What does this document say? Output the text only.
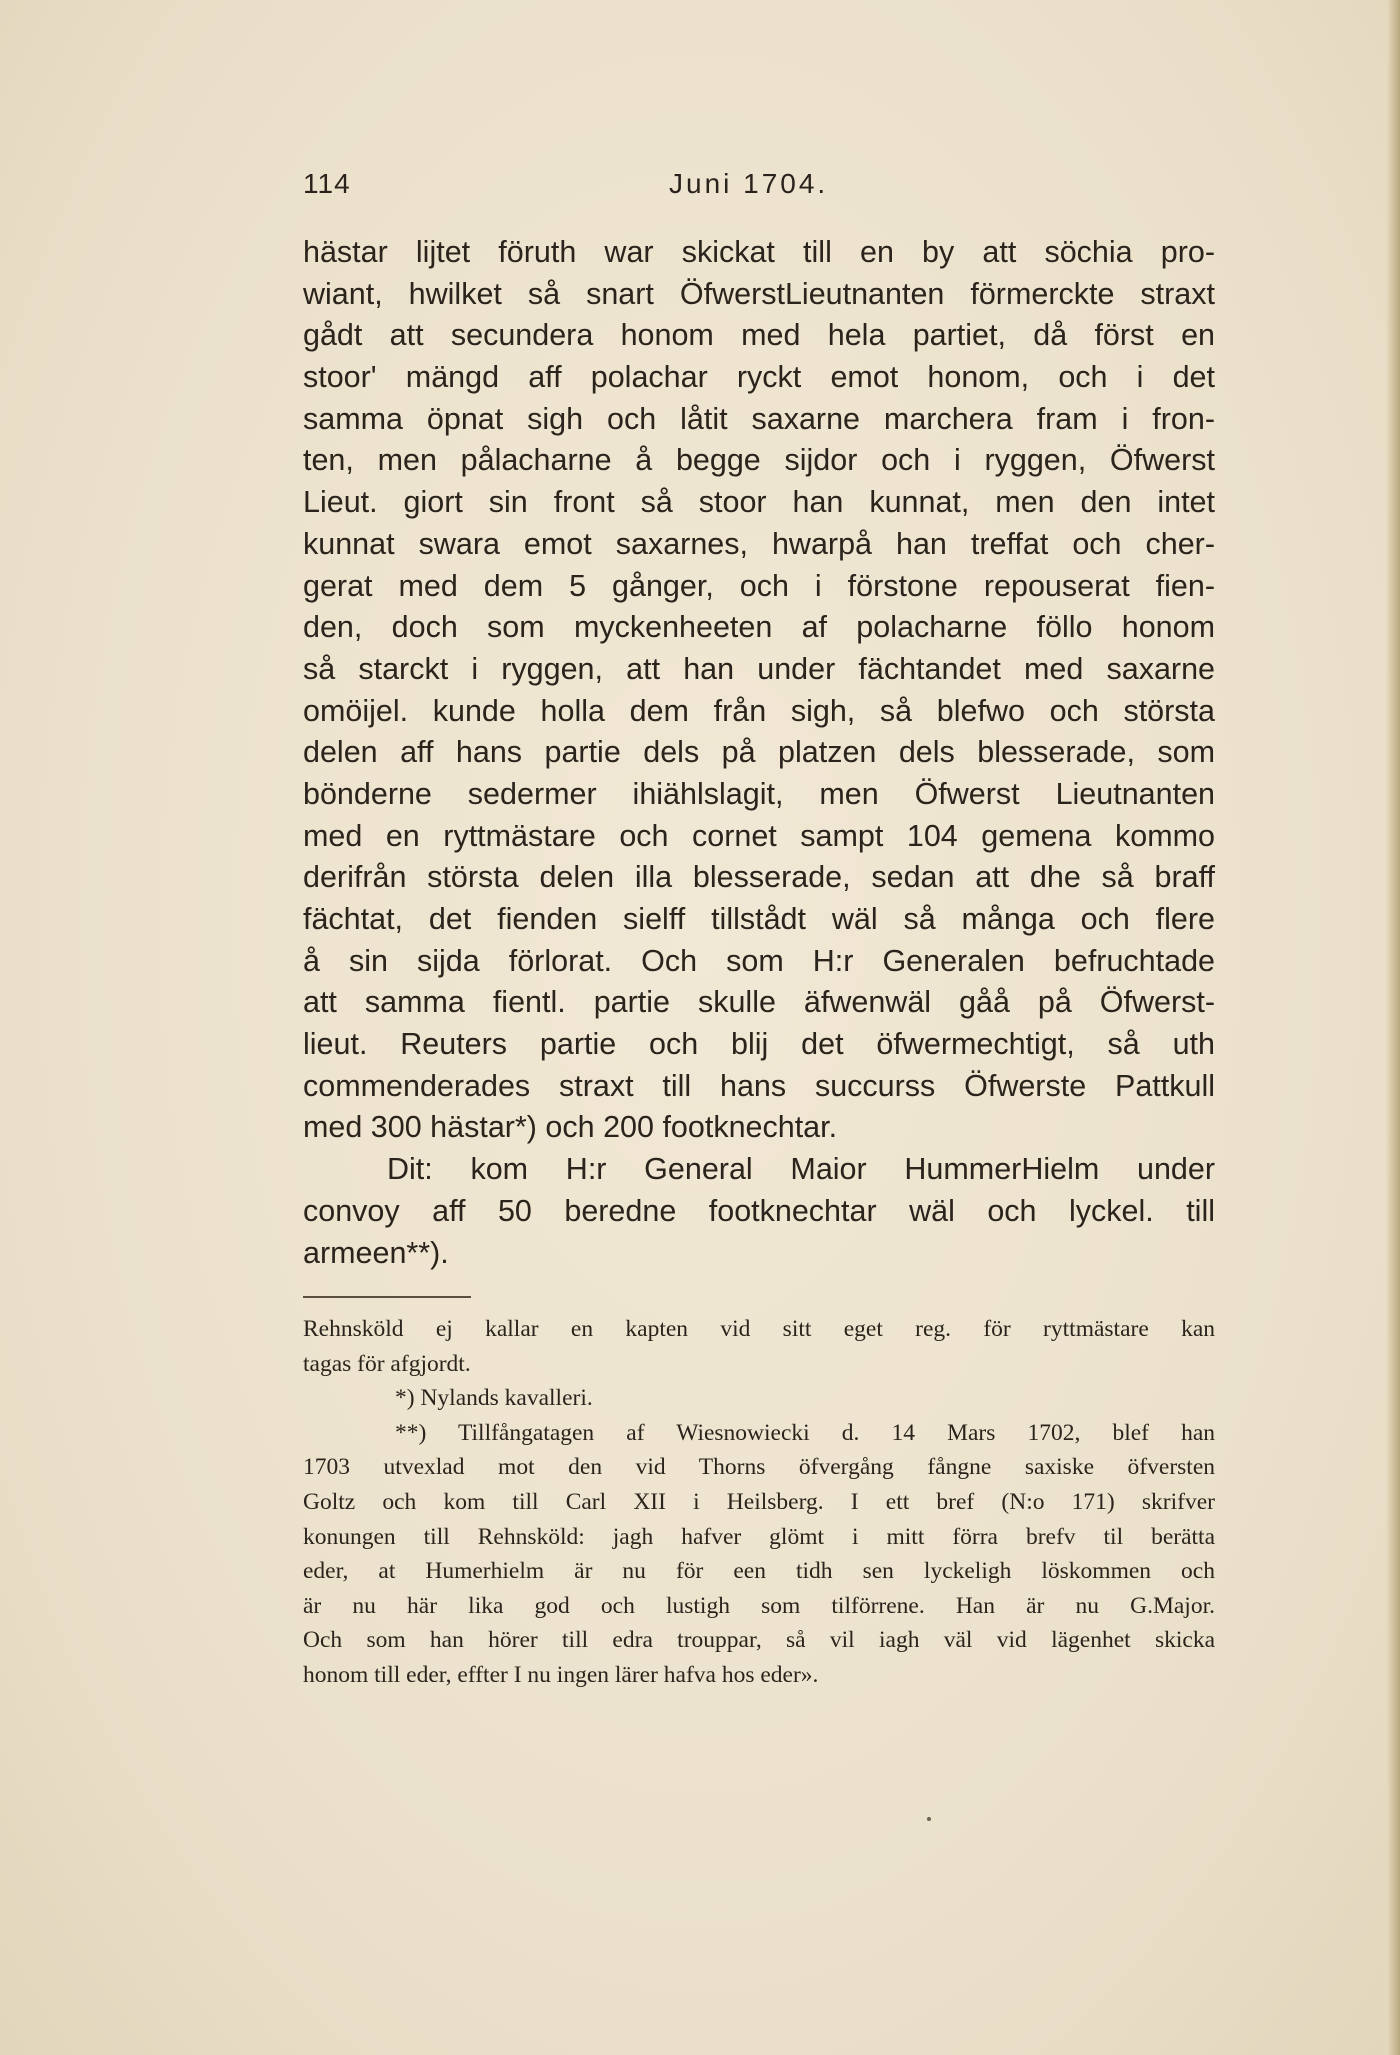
114	Juni 1704.
hästar lijtet föruth war skickat till en by att söchia pro-
wiant, hwilket så snart ÖfwerstLieutnanten förmerckte straxt
gådt att secundera honom med hela partiet, då först en
stoor' mängd aff polachar ryckt emot honom, och i det
samma öpnat sigh och låtit saxarne marchera fram i fron-
ten, men pålacharne å begge sijdor och i ryggen, Öfwerst
Lieut. giort sin front så stoor han kunnat, men den intet
kunnat swara emot saxarnes, hwarpå han treffat och cher-
gerat med dem 5 gånger, och i förstone repouserat fien-
den, doch som myckenheeten af polacharne föllo honom
så starckt i ryggen, att han under fächtandet med saxarne
omöijel. kunde holla dem från sigh, så blefwo och största
delen aff hans partie dels på platzen dels blesserade, som
bönderne sedermer ihiählslagit, men Öfwerst Lieutnanten
med en ryttmästare och cornet sampt 104 gemena kommo
derifrån största delen illa blesserade, sedan att dhe så braff
fächtat, det fienden sielff tillstådt wäl så många och flere
å sin sijda förlorat. Och som H:r Generalen befruchtade
att samma fientl. partie skulle äfwenwäl gåå på Öfwerst-
lieut. Reuters partie och blij det öfwermechtigt, så uth
commenderades straxt till hans succurss Öfwerste Pattkull
med 300 hästar*) och 200 footknechtar.
Dit: kom H:r General Maior HummerHielm under
convoy aff 50 beredne footknechtar wäl och lyckel. till
armeen**).
Rehnsköld ej kallar en kapten vid sitt eget reg. för ryttmästare kan
tagas för afgjordt.
*) Nylands kavalleri.
**) Tillfångatagen af Wiesnowiecki d. 14 Mars 1702, blef han
1703 utvexlad mot den vid Thorns öfvergång fångne saxiske öfversten
Goltz och kom till Carl XII i Heilsberg. I ett bref (N:o 171) skrifver
konungen till Rehnsköld: jagh hafver glömt i mitt förra brefv til berätta
eder, at Humerhielm är nu för een tidh sen lyckeligh löskommen och
är nu här lika god och lustigh som tilförrene. Han är nu G.Major.
Och som han hörer till edra trouppar, så vil iagh väl vid lägenhet skicka
honom till eder, effter I nu ingen lärer hafva hos eder».
